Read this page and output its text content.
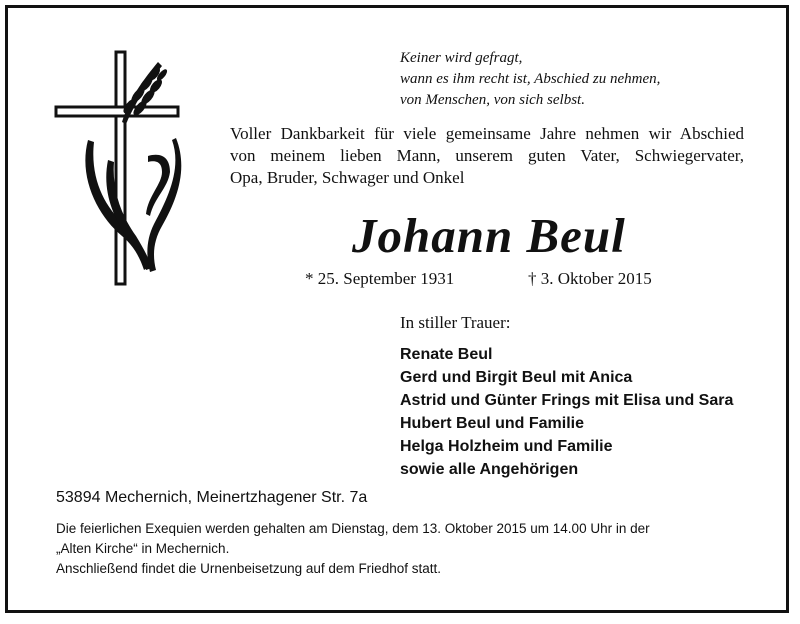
Keiner wird gefragt,
wann es ihm recht ist, Abschied zu nehmen,
von Menschen, von sich selbst.
Voller Dankbarkeit für viele gemeinsame Jahre nehmen wir Abschied
von meinem lieben Mann, unserem guten Vater, Schwiegervater,
Opa, Bruder, Schwager und Onkel
Johann Beul
* 25. September 1931	† 3. Oktober 2015
In stiller Trauer:
Renate Beul
Gerd und Birgit Beul mit Anica
Astrid und Günter Frings mit Elisa und Sara
Hubert Beul und Familie
Helga Holzheim und Familie
sowie alle Angehörigen
53894 Mechernich, Meinertzhagener Str. 7a
Die feierlichen Exequien werden gehalten am Dienstag, dem 13. Oktober 2015 um 14.00 Uhr in der
„Alten Kirche“ in Mechernich.
Anschließend findet die Urnenbeisetzung auf dem Friedhof statt.
